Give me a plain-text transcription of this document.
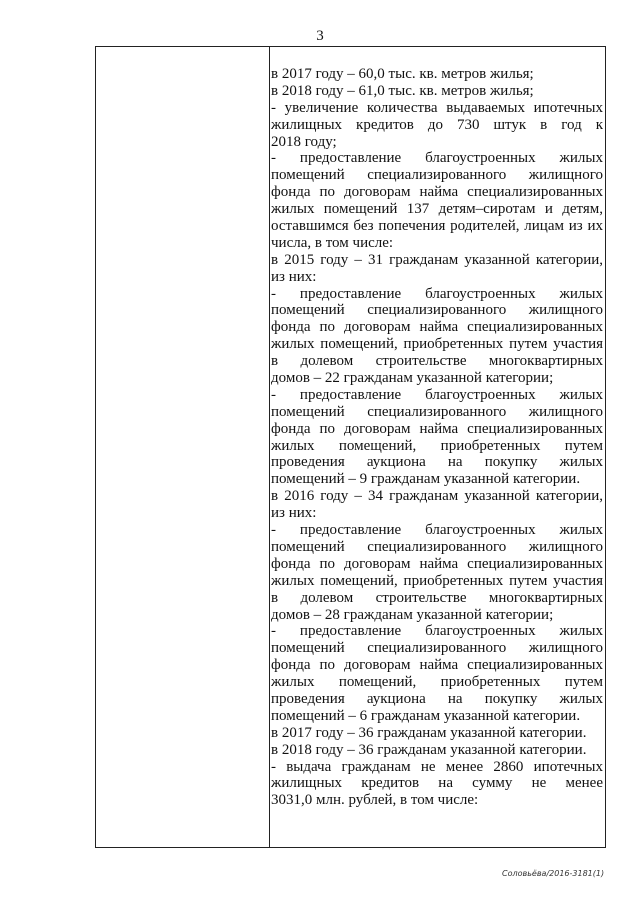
3
в 2017 году – 60,0 тыс. кв. метров жилья;
в 2018 году – 61,0 тыс. кв. метров жилья;
- увеличение количества выдаваемых ипотечных
жилищных кредитов до 730 штук в год к
2018 году;
- предоставление благоустроенных жилых
помещений специализированного жилищного
фонда по договорам найма специализированных
жилых помещений 137 детям–сиротам и детям,
оставшимся без попечения родителей, лицам из их
числа, в том числе:
в 2015 году – 31 гражданам указанной категории,
из них:
- предоставление благоустроенных жилых
помещений специализированного жилищного
фонда по договорам найма специализированных
жилых помещений, приобретенных путем участия
в долевом строительстве многоквартирных
домов – 22 гражданам указанной категории;
- предоставление благоустроенных жилых
помещений специализированного жилищного
фонда по договорам найма специализированных
жилых помещений, приобретенных путем
проведения аукциона на покупку жилых
помещений – 9 гражданам указанной категории.
в 2016 году – 34 гражданам указанной категории,
из них:
- предоставление благоустроенных жилых
помещений специализированного жилищного
фонда по договорам найма специализированных
жилых помещений, приобретенных путем участия
в долевом строительстве многоквартирных
домов – 28 гражданам указанной категории;
- предоставление благоустроенных жилых
помещений специализированного жилищного
фонда по договорам найма специализированных
жилых помещений, приобретенных путем
проведения аукциона на покупку жилых
помещений – 6 гражданам указанной категории.
в 2017 году – 36 гражданам указанной категории.
в 2018 году – 36 гражданам указанной категории.
- выдача гражданам не менее 2860 ипотечных
жилищных кредитов на сумму не менее
3031,0 млн. рублей, в том числе:
Соловьёва/2016-3181(1)
